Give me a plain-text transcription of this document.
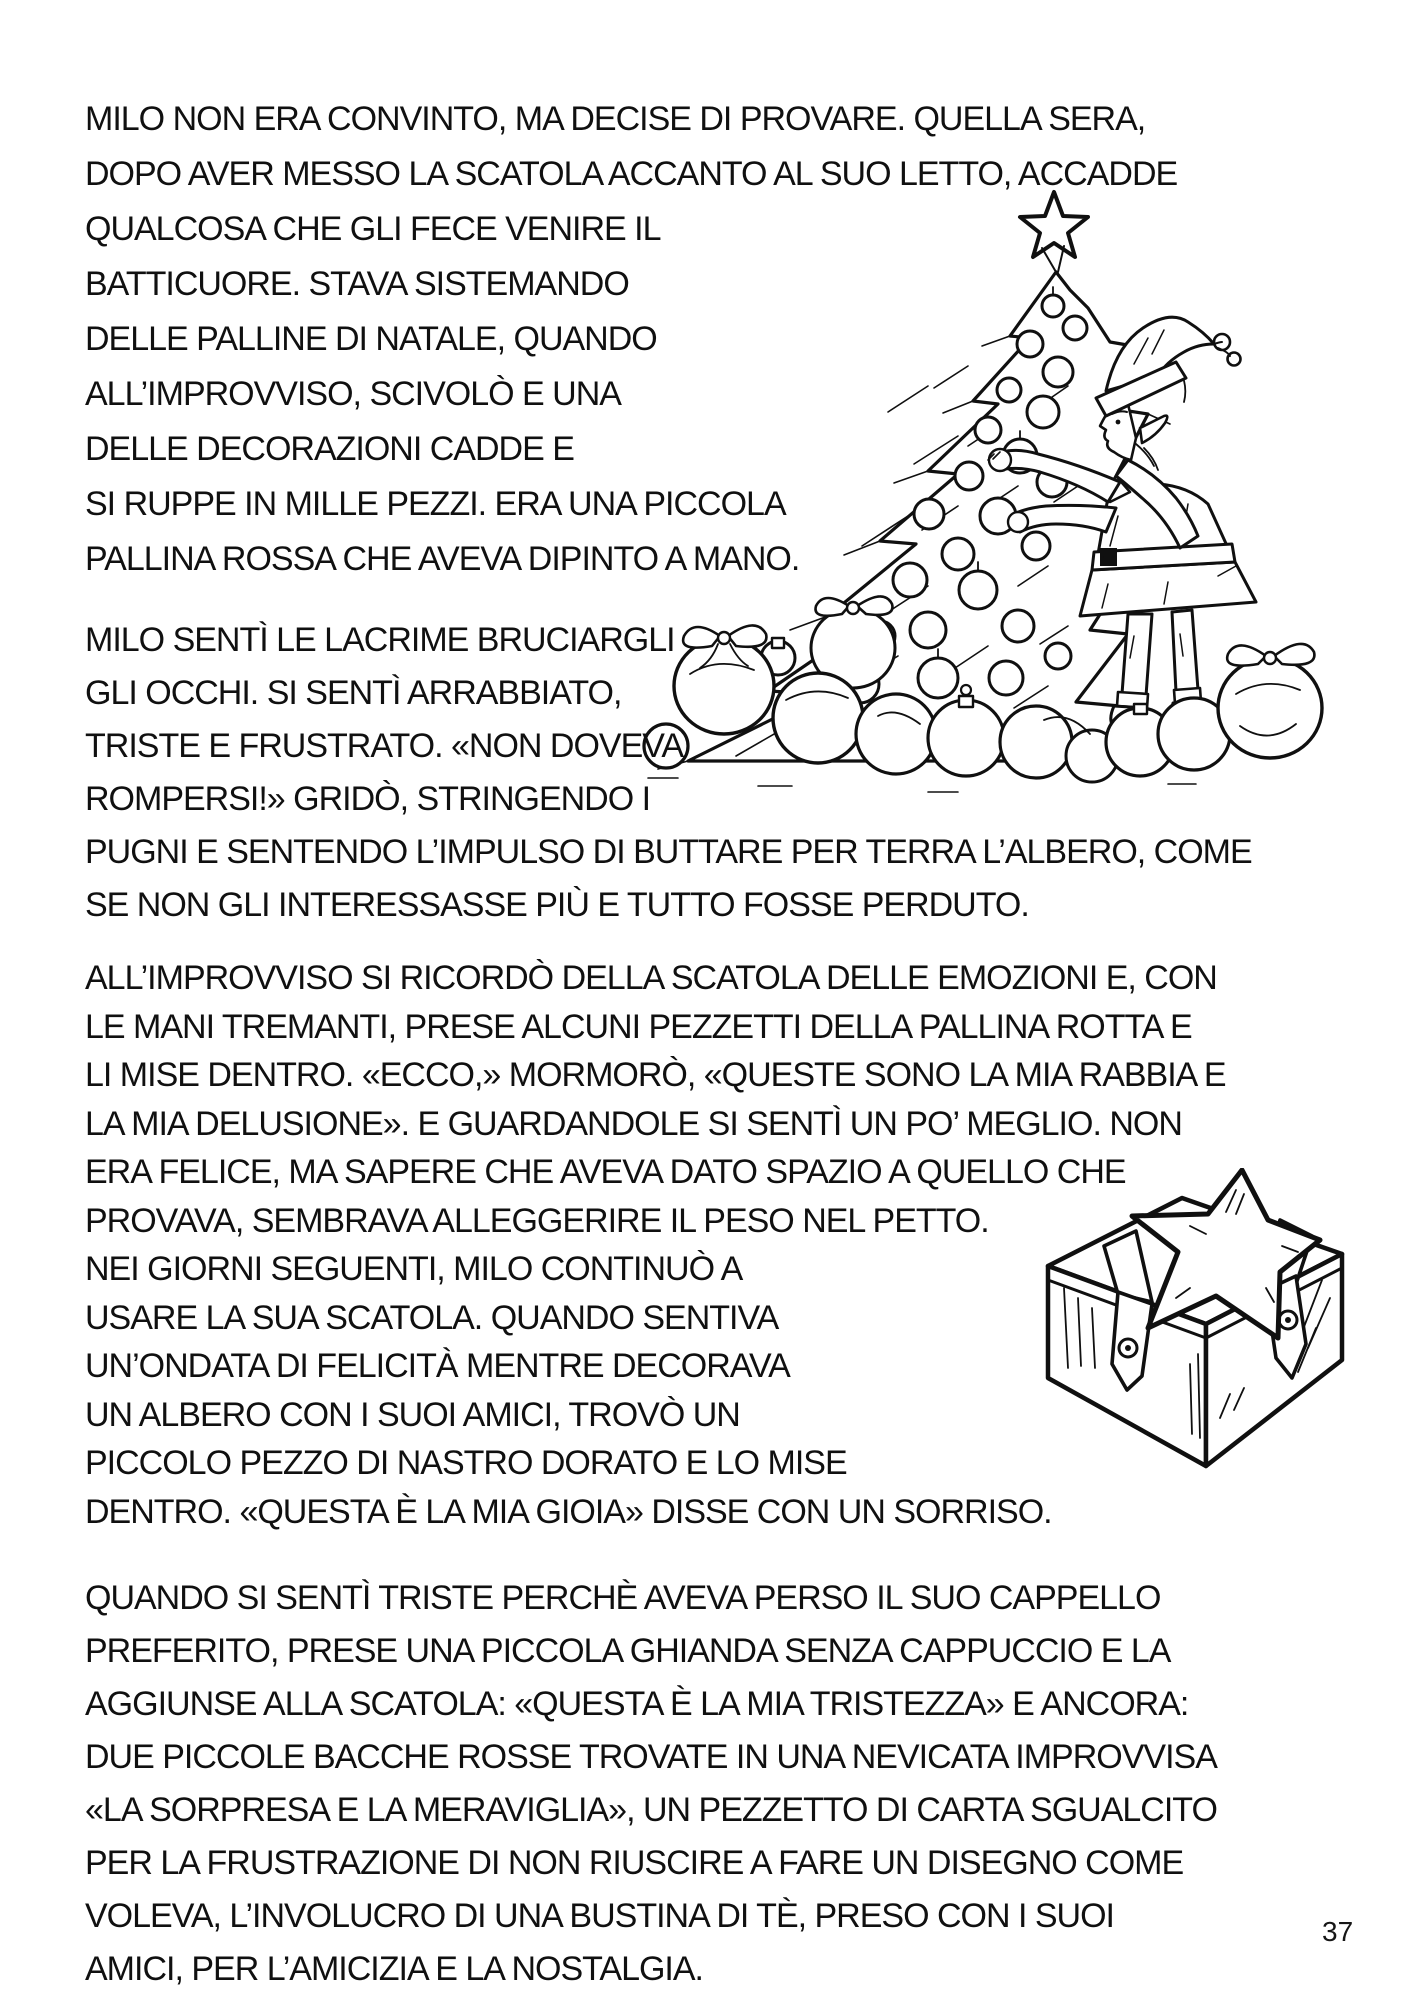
MILO NON ERA CONVINTO, MA DECISE DI PROVARE. QUELLA SERA,
DOPO AVER MESSO LA SCATOLA ACCANTO AL SUO LETTO, ACCADDE
QUALCOSA CHE GLI FECE VENIRE IL
BATTICUORE. STAVA SISTEMANDO
DELLE PALLINE DI NATALE, QUANDO
ALL’IMPROVVISO, SCIVOLÒ E UNA
DELLE DECORAZIONI CADDE E
SI RUPPE IN MILLE PEZZI. ERA UNA PICCOLA
PALLINA ROSSA CHE AVEVA DIPINTO A MANO.
MILO SENTÌ LE LACRIME BRUCIARGLI
GLI OCCHI. SI SENTÌ ARRABBIATO,
TRISTE E FRUSTRATO. «NON DOVEVA
ROMPERSI!» GRIDÒ, STRINGENDO I
PUGNI E SENTENDO L’IMPULSO DI BUTTARE PER TERRA L’ALBERO, COME
SE NON GLI INTERESSASSE PIÙ E TUTTO FOSSE PERDUTO.
ALL’IMPROVVISO SI RICORDÒ DELLA SCATOLA DELLE EMOZIONI E, CON
LE MANI TREMANTI, PRESE ALCUNI PEZZETTI DELLA PALLINA ROTTA E
LI MISE DENTRO. «ECCO,» MORMORÒ, «QUESTE SONO LA MIA RABBIA E
LA MIA DELUSIONE». E GUARDANDOLE SI SENTÌ UN PO’ MEGLIO. NON
ERA FELICE, MA SAPERE CHE AVEVA DATO SPAZIO A QUELLO CHE
PROVAVA, SEMBRAVA ALLEGGERIRE IL PESO NEL PETTO.
NEI GIORNI SEGUENTI, MILO CONTINUÒ A
USARE LA SUA SCATOLA. QUANDO SENTIVA
UN’ONDATA DI FELICITÀ MENTRE DECORAVA
UN ALBERO CON I SUOI AMICI, TROVÒ UN
PICCOLO PEZZO DI NASTRO DORATO E LO MISE
DENTRO. «QUESTA È LA MIA GIOIA» DISSE CON UN SORRISO.
QUANDO SI SENTÌ TRISTE PERCHÈ AVEVA PERSO IL SUO CAPPELLO
PREFERITO, PRESE UNA PICCOLA GHIANDA SENZA CAPPUCCIO E LA
AGGIUNSE ALLA SCATOLA: «QUESTA È LA MIA TRISTEZZA» E ANCORA:
DUE PICCOLE BACCHE ROSSE TROVATE IN UNA NEVICATA IMPROVVISA
«LA SORPRESA E LA MERAVIGLIA», UN PEZZETTO DI CARTA SGUALCITO
PER LA FRUSTRAZIONE DI NON RIUSCIRE A FARE UN DISEGNO COME
VOLEVA, L’INVOLUCRO DI UNA BUSTINA DI TÈ, PRESO CON I SUOI
AMICI, PER L’AMICIZIA E LA NOSTALGIA.
37
